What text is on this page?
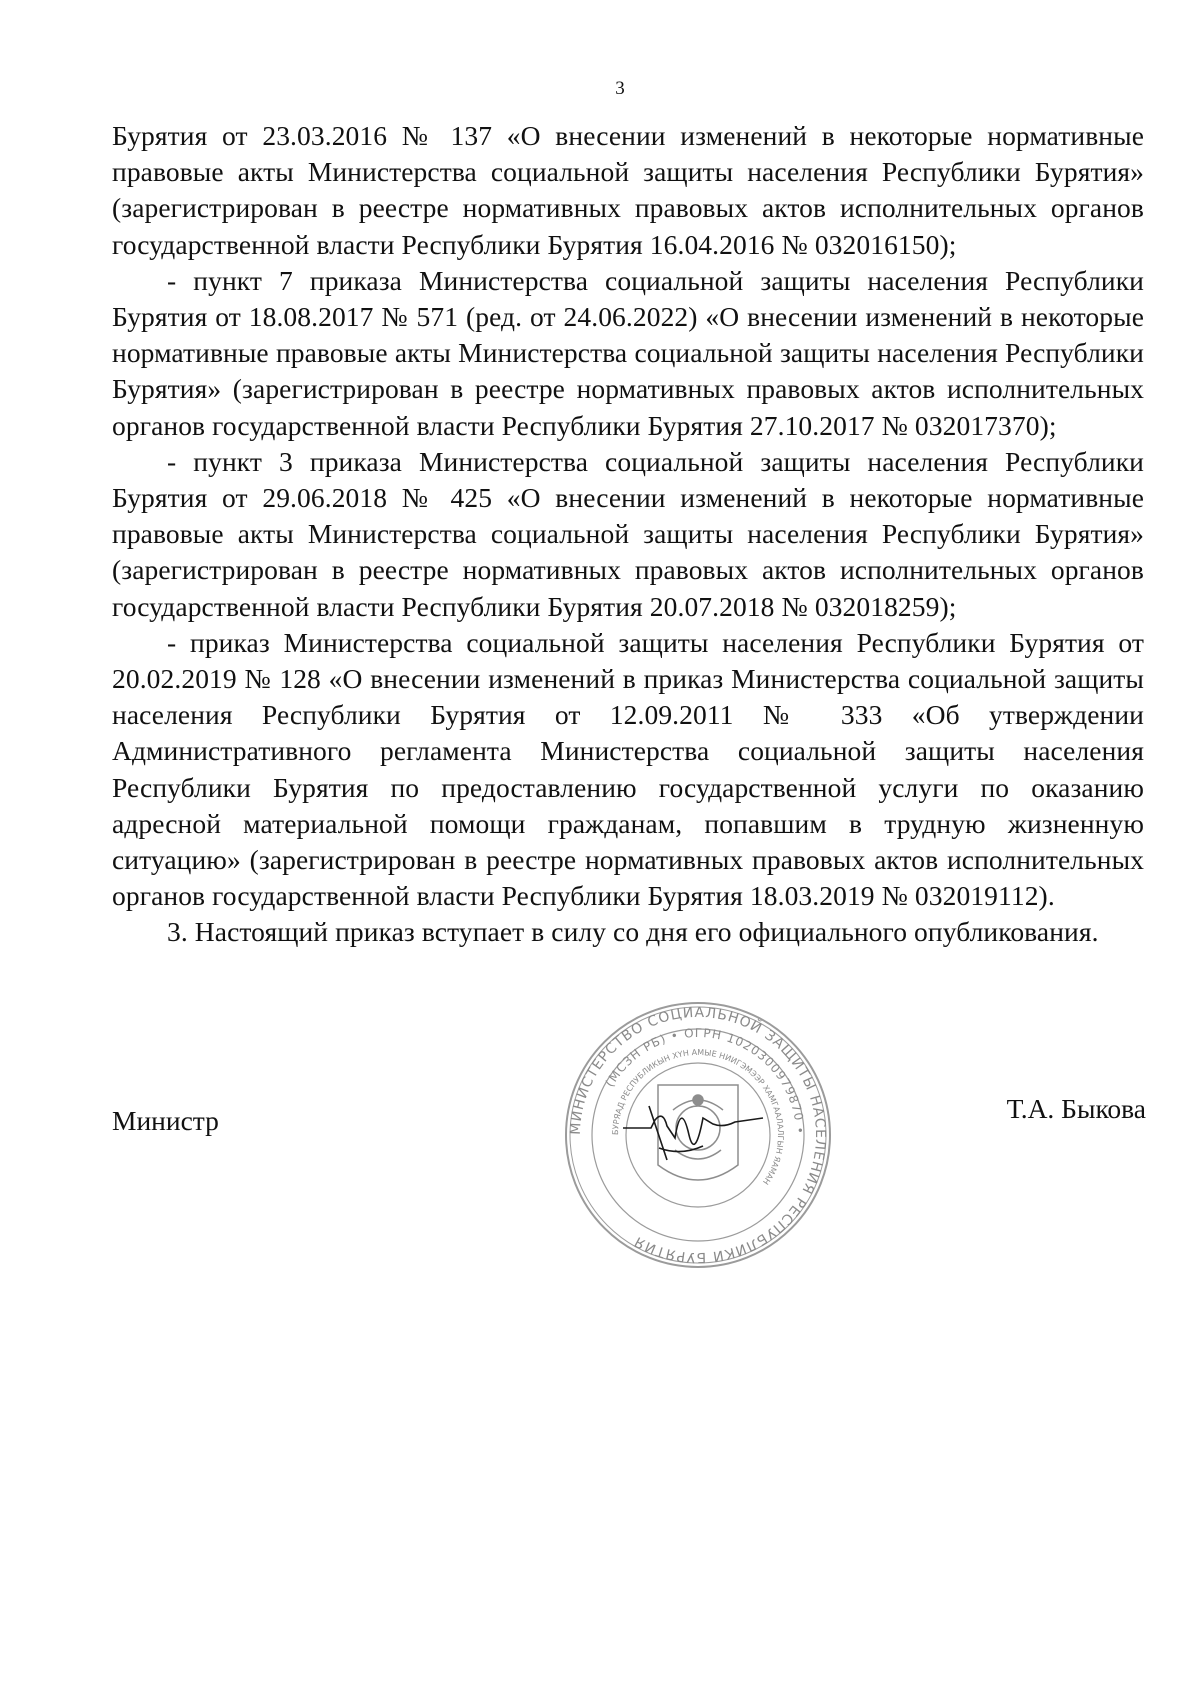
3

Бурятия от 23.03.2016 № 137 «О внесении изменений в некоторые нормативные правовые акты Министерства социальной защиты населения Республики Бурятия» (зарегистрирован в реестре нормативных правовых актов исполнительных органов государственной власти Республики Бурятия 16.04.2016 № 032016150);

- пункт 7 приказа Министерства социальной защиты населения Республики Бурятия от 18.08.2017 № 571 (ред. от 24.06.2022) «О внесении изменений в некоторые нормативные правовые акты Министерства социальной защиты населения Республики Бурятия» (зарегистрирован в реестре нормативных правовых актов исполнительных органов государственной власти Республики Бурятия 27.10.2017 № 032017370);

- пункт 3 приказа Министерства социальной защиты населения Республики Бурятия от 29.06.2018 № 425 «О внесении изменений в некоторые нормативные правовые акты Министерства социальной защиты населения Республики Бурятия» (зарегистрирован в реестре нормативных правовых актов исполнительных органов государственной власти Республики Бурятия 20.07.2018 № 032018259);

- приказ Министерства социальной защиты населения Республики Бурятия от 20.02.2019 № 128 «О внесении изменений в приказ Министерства социальной защиты населения Республики Бурятия от 12.09.2011 № 333 «Об утверждении Административного регламента Министерства социальной защиты населения Республики Бурятия по предоставлению государственной услуги по оказанию адресной материальной помощи гражданам, попавшим в трудную жизненную ситуацию» (зарегистрирован в реестре нормативных правовых актов исполнительных органов государственной власти Республики Бурятия 18.03.2019 № 032019112).

3. Настоящий приказ вступает в силу со дня его официального опубликования.

Министр	Т.А. Быкова
МИНИСТЕРСТВО СОЦИАЛЬНОЙ ЗАЩИТЫ НАСЕЛЕНИЯ РЕСПУБЛИКИ БУРЯТИЯ
(МСЗН РБ) • ОГРН 1020300979870 •
БУРЯАД РЕСПУБЛИКЫН ХҮН АМЫЕ НИИГЭМЭЭР ХАМГААЛАЛГЫН ЯАМАН
